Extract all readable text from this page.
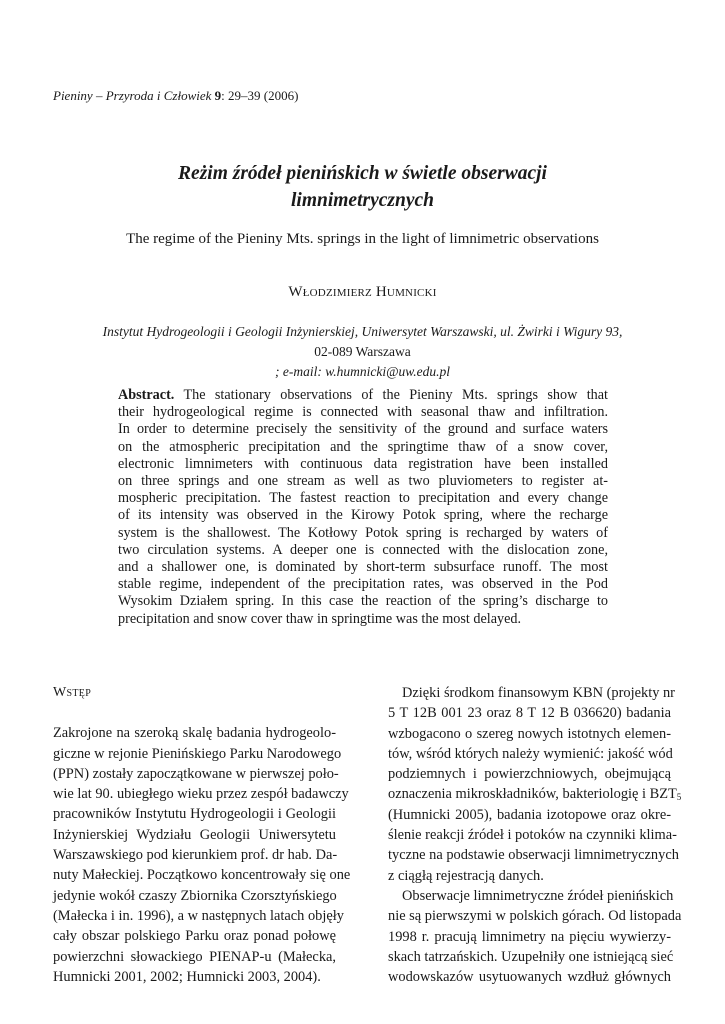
Pieniny – Przyroda i Człowiek 9: 29–39 (2006)
Reżim źródeł pienińskich w świetle obserwacji
limnimetrycznych
The regime of the Pieniny Mts. springs in the light of limnimetric observations
Włodzimierz Humnicki
Instytut Hydrogeologii i Geologii Inżynierskiej, Uniwersytet Warszawski, ul. Żwirki i Wigury 93,
02-089 Warszawa
; e-mail: w.humnicki@uw.edu.pl
Abstract. The stationary observations of the Pieniny Mts. springs show that
their hydrogeological regime is connected with seasonal thaw and infiltration.
In order to determine precisely the sensitivity of the ground and surface waters
on the atmospheric precipitation and the springtime thaw of a snow cover,
electronic limnimeters with continuous data registration have been installed
on three springs and one stream as well as two pluviometers to register at-
mospheric precipitation. The fastest reaction to precipitation and every change
of its intensity was observed in the Kirowy Potok spring, where the recharge
system is the shallowest. The Kotłowy Potok spring is recharged by waters of
two circulation systems. A deeper one is connected with the dislocation zone,
and a shallower one, is dominated by short-term subsurface runoff. The most
stable regime, independent of the precipitation rates, was observed in the Pod
Wysokim Działem spring. In this case the reaction of the spring’s discharge to
precipitation and snow cover thaw in springtime was the most delayed.
Wstęp
Zakrojone na szeroką skalę badania hydrogeolo-
giczne w rejonie Pienińskiego Parku Narodowego
(PPN) zostały zapoczątkowane w pierwszej poło-
wie lat 90. ubiegłego wieku przez zespół badawczy
pracowników Instytutu Hydrogeologii i Geologii
Inżynierskiej Wydziału Geologii Uniwersytetu
Warszawskiego pod kierunkiem prof. dr hab. Da-
nuty Małeckiej. Początkowo koncentrowały się one
jedynie wokół czaszy Zbiornika Czorsztyńskiego
(Małecka i in. 1996), a w następnych latach objęły
cały obszar polskiego Parku oraz ponad połowę
powierzchni słowackiego PIENAP-u (Małecka,
Humnicki 2001, 2002; Humnicki 2003, 2004).
Dzięki środkom finansowym KBN (projekty nr
5 T 12B 001 23 oraz 8 T 12 B 036620) badania
wzbogacono o szereg nowych istotnych elemen-
tów, wśród których należy wymienić: jakość wód
podziemnych i powierzchniowych, obejmującą
oznaczenia mikroskładników, bakteriologię i $BZT_5$
(Humnicki 2005), badania izotopowe oraz okre-
ślenie reakcji źródeł i potoków na czynniki klima-
tyczne na podstawie obserwacji limnimetrycznych
z ciągłą rejestracją danych.
Obserwacje limnimetryczne źródeł pienińskich
nie są pierwszymi w polskich górach. Od listopada
1998 r. pracują limnimetry na pięciu wywierzy-
skach tatrzańskich. Uzupełniły one istniejącą sieć
wodowskazów usytuowanych wzdłuż głównych
